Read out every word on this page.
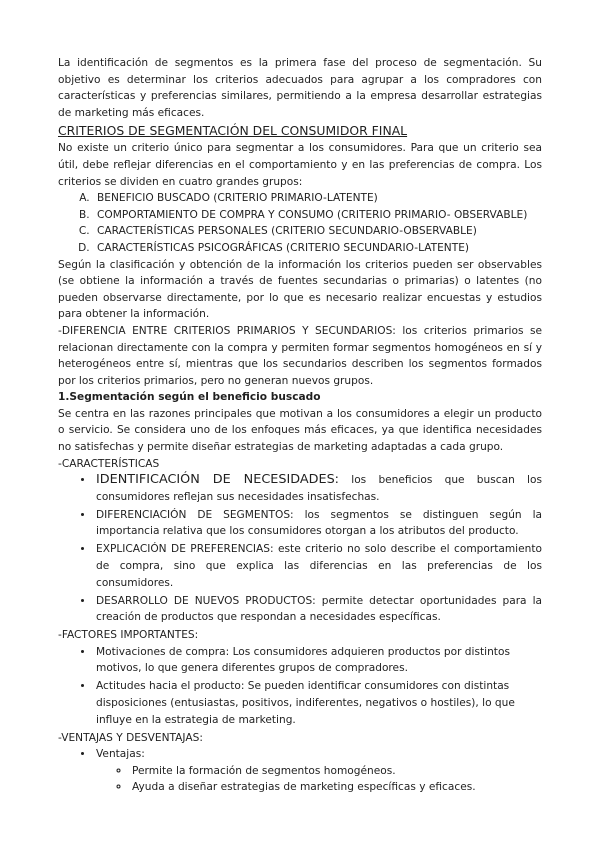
La identificación de segmentos es la primera fase del proceso de segmentación. Su objetivo es determinar los criterios adecuados para agrupar a los compradores con características y preferencias similares, permitiendo a la empresa desarrollar estrategias de marketing más eficaces.

CRITERIOS DE SEGMENTACIÓN DEL CONSUMIDOR FINAL

No existe un criterio único para segmentar a los consumidores. Para que un criterio sea útil, debe reflejar diferencias en el comportamiento y en las preferencias de compra. Los criterios se dividen en cuatro grandes grupos:

A. BENEFICIO BUSCADO (CRITERIO PRIMARIO-LATENTE)
B. COMPORTAMIENTO DE COMPRA Y CONSUMO (CRITERIO PRIMARIO- OBSERVABLE)
C. CARACTERÍSTICAS PERSONALES (CRITERIO SECUNDARIO-OBSERVABLE)
D. CARACTERÍSTICAS PSICOGRÁFICAS (CRITERIO SECUNDARIO-LATENTE)

Según la clasificación y obtención de la información los criterios pueden ser observables (se obtiene la información a través de fuentes secundarias o primarias) o latentes (no pueden observarse directamente, por lo que es necesario realizar encuestas y estudios para obtener la información.

-DIFERENCIA ENTRE CRITERIOS PRIMARIOS Y SECUNDARIOS: los criterios primarios se relacionan directamente con la compra y permiten formar segmentos homogéneos en sí y heterogéneos entre sí, mientras que los secundarios describen los segmentos formados por los criterios primarios, pero no generan nuevos grupos.

1.Segmentación según el beneficio buscado

Se centra en las razones principales que motivan a los consumidores a elegir un producto o servicio. Se considera uno de los enfoques más eficaces, ya que identifica necesidades no satisfechas y permite diseñar estrategias de marketing adaptadas a cada grupo.

-CARACTERÍSTICAS

• IDENTIFICACIÓN DE NECESIDADES: los beneficios que buscan los consumidores reflejan sus necesidades insatisfechas.
• DIFERENCIACIÓN DE SEGMENTOS: los segmentos se distinguen según la importancia relativa que los consumidores otorgan a los atributos del producto.
• EXPLICACIÓN DE PREFERENCIAS: este criterio no solo describe el comportamiento de compra, sino que explica las diferencias en las preferencias de los consumidores.
• DESARROLLO DE NUEVOS PRODUCTOS: permite detectar oportunidades para la creación de productos que respondan a necesidades específicas.

-FACTORES IMPORTANTES:

• Motivaciones de compra: Los consumidores adquieren productos por distintos motivos, lo que genera diferentes grupos de compradores.
• Actitudes hacia el producto: Se pueden identificar consumidores con distintas disposiciones (entusiastas, positivos, indiferentes, negativos o hostiles), lo que influye en la estrategia de marketing.

-VENTAJAS Y DESVENTAJAS:

• Ventajas:
◦ Permite la formación de segmentos homogéneos.
◦ Ayuda a diseñar estrategias de marketing específicas y eficaces.
